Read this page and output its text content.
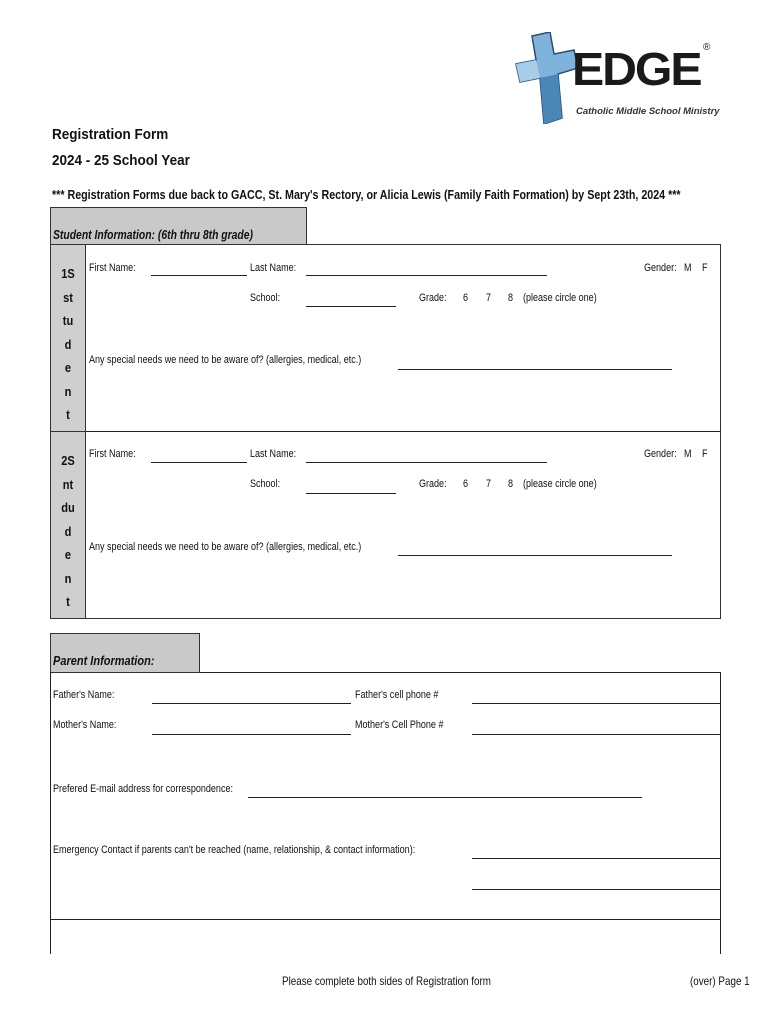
EDGE ®
Catholic Middle School Ministry
Registration Form
2024 - 25 School Year
*** Registration Forms due back to GACC, St. Mary's Rectory, or Alicia Lewis (Family Faith Formation) by Sept 23th, 2024 ***
Student Information: (6th thru 8th grade)
1S
st
tu
d
e
n
t
First Name:	Last Name:	Gender: M F
School:	Grade: 6 7 8 (please circle one)
Any special needs we need to be aware of? (allergies, medical, etc.)
2S
nt
du
d
e
n
t
First Name:	Last Name:	Gender: M F
School:	Grade: 6 7 8 (please circle one)
Any special needs we need to be aware of? (allergies, medical, etc.)
Parent Information:
Father's Name:	Father's cell phone #
Mother's Name:	Mother's Cell Phone #
Prefered E-mail address for correspondence:
Emergency Contact if parents can't be reached (name, relationship, & contact information):
Please complete both sides of Registration form	(over) Page 1
